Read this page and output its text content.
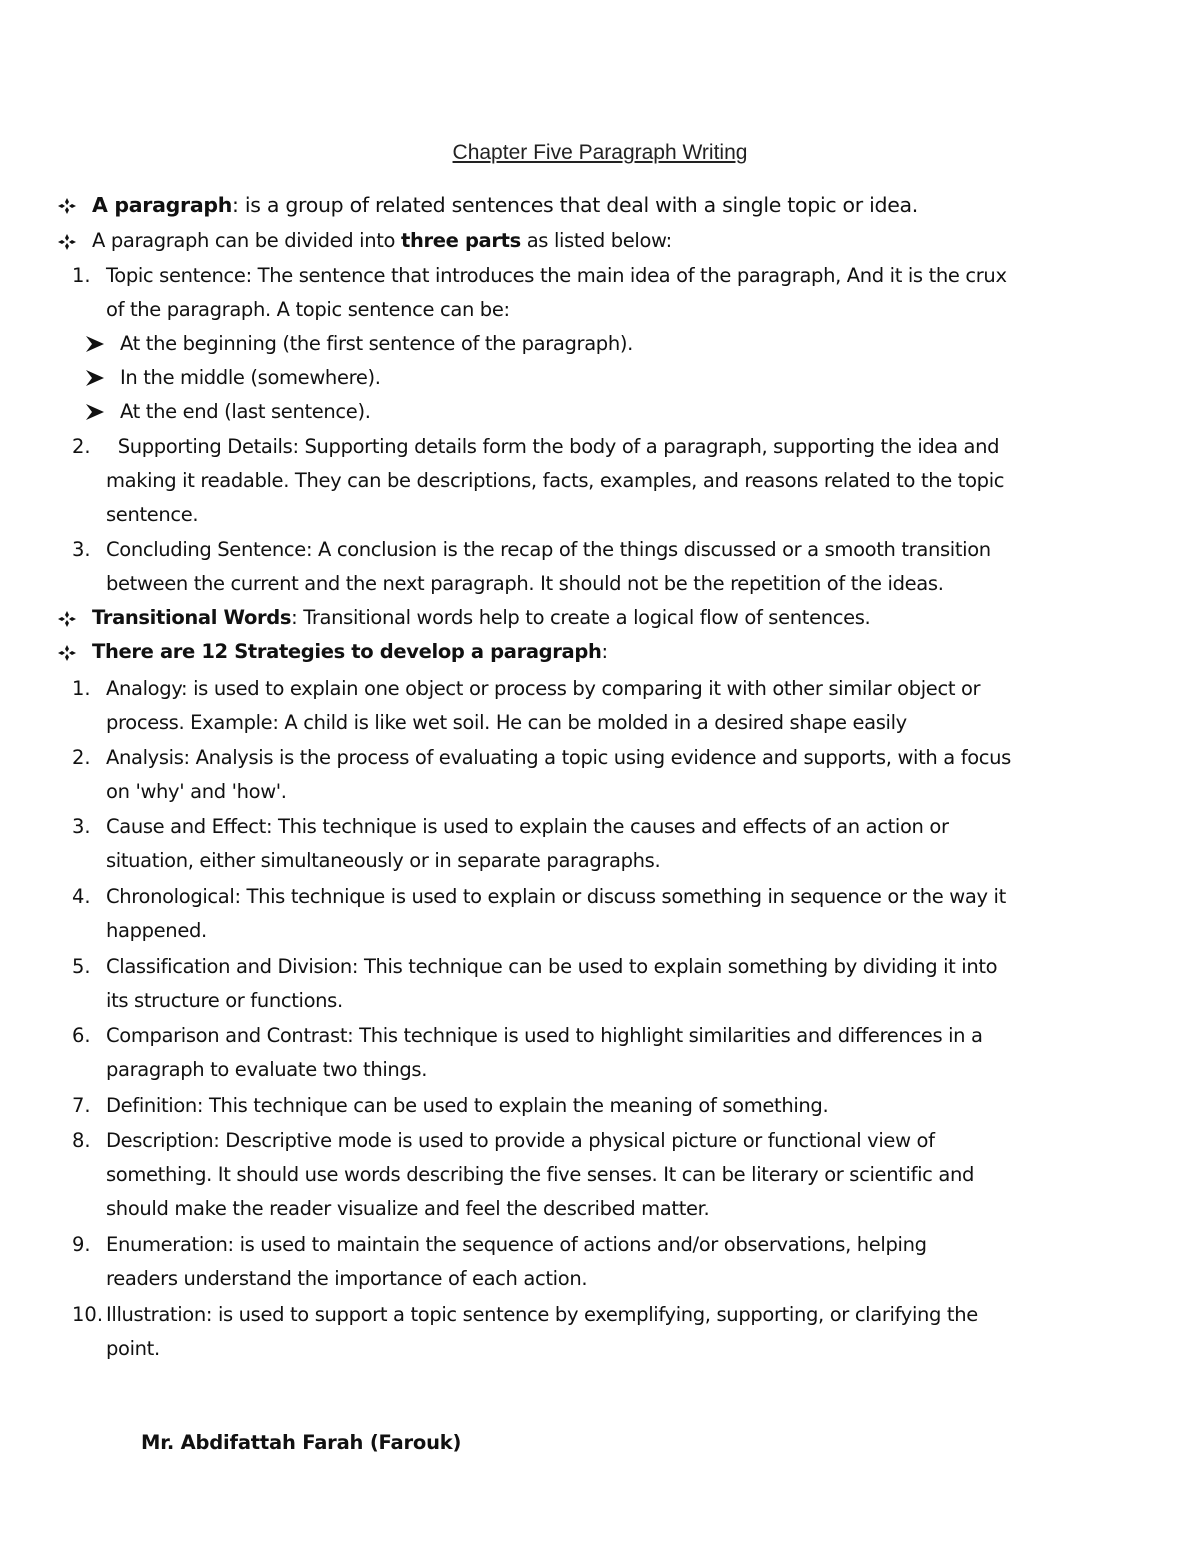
Chapter Five Paragraph Writing
A paragraph: is a group of related sentences that deal with a single topic or idea.
A paragraph can be divided into three parts as listed below:
1. Topic sentence: The sentence that introduces the main idea of the paragraph, And it is the crux
of the paragraph. A topic sentence can be:
At the beginning (the first sentence of the paragraph).
In the middle (somewhere).
At the end (last sentence).
2. Supporting Details: Supporting details form the body of a paragraph, supporting the idea and
making it readable. They can be descriptions, facts, examples, and reasons related to the topic
sentence.
3. Concluding Sentence: A conclusion is the recap of the things discussed or a smooth transition
between the current and the next paragraph. It should not be the repetition of the ideas.
Transitional Words: Transitional words help to create a logical flow of sentences.
There are 12 Strategies to develop a paragraph:
1. Analogy: is used to explain one object or process by comparing it with other similar object or
process. Example: A child is like wet soil. He can be molded in a desired shape easily
2. Analysis: Analysis is the process of evaluating a topic using evidence and supports, with a focus
on 'why' and 'how'.
3. Cause and Effect: This technique is used to explain the causes and effects of an action or
situation, either simultaneously or in separate paragraphs.
4. Chronological: This technique is used to explain or discuss something in sequence or the way it
happened.
5. Classification and Division: This technique can be used to explain something by dividing it into
its structure or functions.
6. Comparison and Contrast: This technique is used to highlight similarities and differences in a
paragraph to evaluate two things.
7. Definition: This technique can be used to explain the meaning of something.
8. Description: Descriptive mode is used to provide a physical picture or functional view of
something. It should use words describing the five senses. It can be literary or scientific and
should make the reader visualize and feel the described matter.
9. Enumeration: is used to maintain the sequence of actions and/or observations, helping
readers understand the importance of each action.
10. Illustration: is used to support a topic sentence by exemplifying, supporting, or clarifying the
point.
Mr. Abdifattah Farah (Farouk)
